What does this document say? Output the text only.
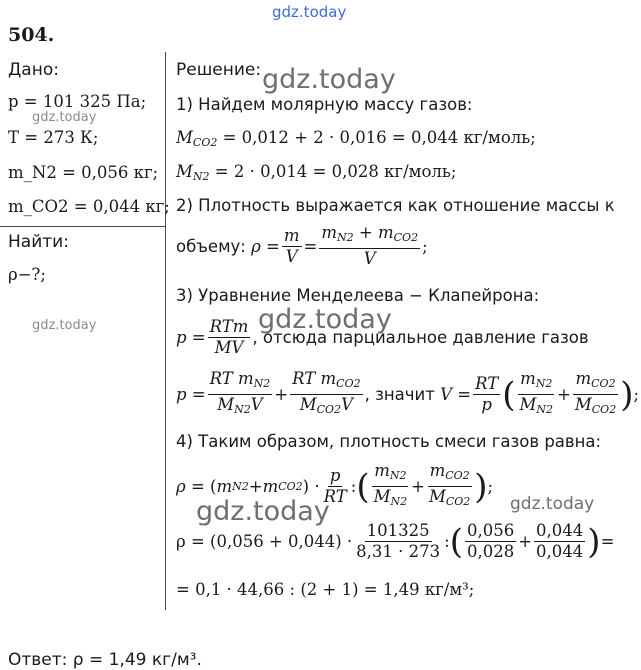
gdz.today
504.
Дано:
p = 101 325 Па;
T = 273 К;
m_N2 = 0,056 кг;
m_CO2 = 0,044 кг;
Найти:
ρ−?;
gdz.today
gdz.today
Решение: gdz.today
1) Найдем молярную массу газов:
$M_{CO2} = 0,012 + 2 \cdot 0,016 = 0,044$ кг/моль;
$M_{N2} = 2 \cdot 0,014 = 0,028$ кг/моль;
2) Плотность выражается как отношение массы к
объему:
$\rho = \frac{m}{V} = \frac{m_{N2} + m_{CO2}}{V}$ ;
3) Уравнение Менделеева − Клапейрона:
gdz.today
$p = \frac{\text{RTm}}{MV}$ , отсюда парциальное давление газов
$p = \frac{RT m_{N2}}{M_{N2}V} + \frac{RT m_{CO2}}{M_{CO2}V}$ , значит
$V = \frac{RT}{p}$ ( $\frac{m_{N2}}{M_{N2}} + \frac{m_{CO2}}{M_{CO2}}$ ) ;
4) Таким образом, плотность смеси газов равна:
ρ = ( m N2 + m CO2 ) · $\frac{p}{RT}$ : ( $\frac{m_{N2}}{M_{N2}} + \frac{m_{CO2}}{M_{CO2}}$ ) ;
gdz.today	gdz.today
$\rho = (0,056 + 0,044) \cdot \frac{101325}{8,31 \cdot 273}$ : ( $\frac{0,056}{0,028} + \frac{0,044}{0,044}$ ) =
= 0,1 · 44,66 : (2 + 1) = 1,49 кг/м³;
Ответ: ρ = 1,49 кг/м³.
